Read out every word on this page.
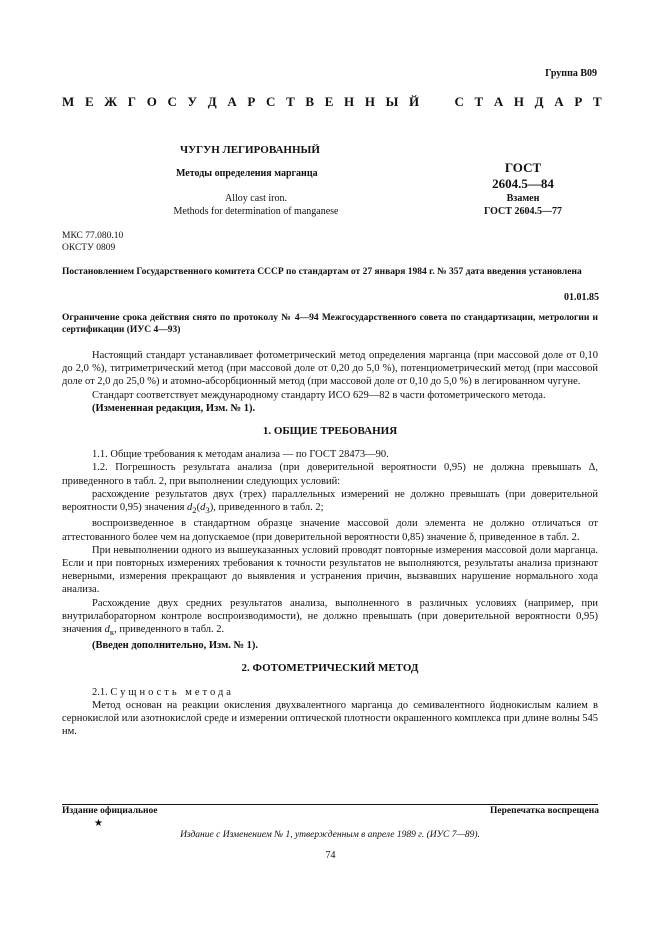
Группа В09
М Е Ж Г О С У Д А Р С Т В Е Н Н Ы Й	С Т А Н Д А Р Т
ЧУГУН ЛЕГИРОВАННЫЙ
Методы определения марганца
Alloy cast iron.
Methods for determination of manganese
ГОСТ
2604.5—84
Взамен
ГОСТ 2604.5—77
МКС 77.080.10
ОКСТУ 0809
Постановлением Государственного комитета СССР по стандартам от 27 января 1984 г. № 357 дата введения установлена
01.01.85
Ограничение срока действия снято по протоколу № 4—94 Межгосударственного совета по стандартизации, метрологии и сертификации (ИУС 4—93)

Настоящий стандарт устанавливает фотометрический метод определения марганца (при массовой доле от 0,10 до 2,0 %), титриметрический метод (при массовой доле от 0,20 до 5,0 %), потенциометрический метод (при массовой доле от 2,0 до 25,0 %) и атомно-абсорбционный метод (при массовой доле от 0,10 до 5,0 %) в легированном чугуне.

Стандарт соответствует международному стандарту ИСО 629—82 в части фотометрического метода.

(Измененная редакция, Изм. № 1).

1. ОБЩИЕ ТРЕБОВАНИЯ

1.1. Общие требования к методам анализа — по ГОСТ 28473—90.

1.2. Погрешность результата анализа (при доверительной вероятности 0,95) не должна превышать Δ, приведенного в табл. 2, при выполнении следующих условий:

расхождение результатов двух (трех) параллельных измерений не должно превышать (при доверительной вероятности 0,95) значения $d_2(d_3)$, приведенного в табл. 2;

воспроизведенное в стандартном образце значение массовой доли элемента не должно отличаться от аттестованного более чем на допускаемое (при доверительной вероятности 0,85) значение δ, приведенное в табл. 2.

При невыполнении одного из вышеуказанных условий проводят повторные измерения массовой доли марганца. Если и при повторных измерениях требования к точности результатов не выполняются, результаты анализа признают неверными, измерения прекращают до выявления и устранения причин, вызвавших нарушение нормального хода анализа.

Расхождение двух средних результатов анализа, выполненного в различных условиях (например, при внутрилабораторном контроле воспроизводимости), не должно превышать (при доверительной вероятности 0,95) значения $d_к$, приведенного в табл. 2.

(Введен дополнительно, Изм. № 1).

2. ФОТОМЕТРИЧЕСКИЙ МЕТОД

2.1. Сущность метода

Метод основан на реакции окисления двухвалентного марганца до семивалентного йоднокислым калием в сернокислой или азотнокислой среде и измерении оптической плотности окрашенного комплекса при длине волны 545 нм.

Издание официальное	Перепечатка воспрещена
★
Издание с Изменением № 1, утвержденным в апреле 1989 г. (ИУС 7—89).
74
